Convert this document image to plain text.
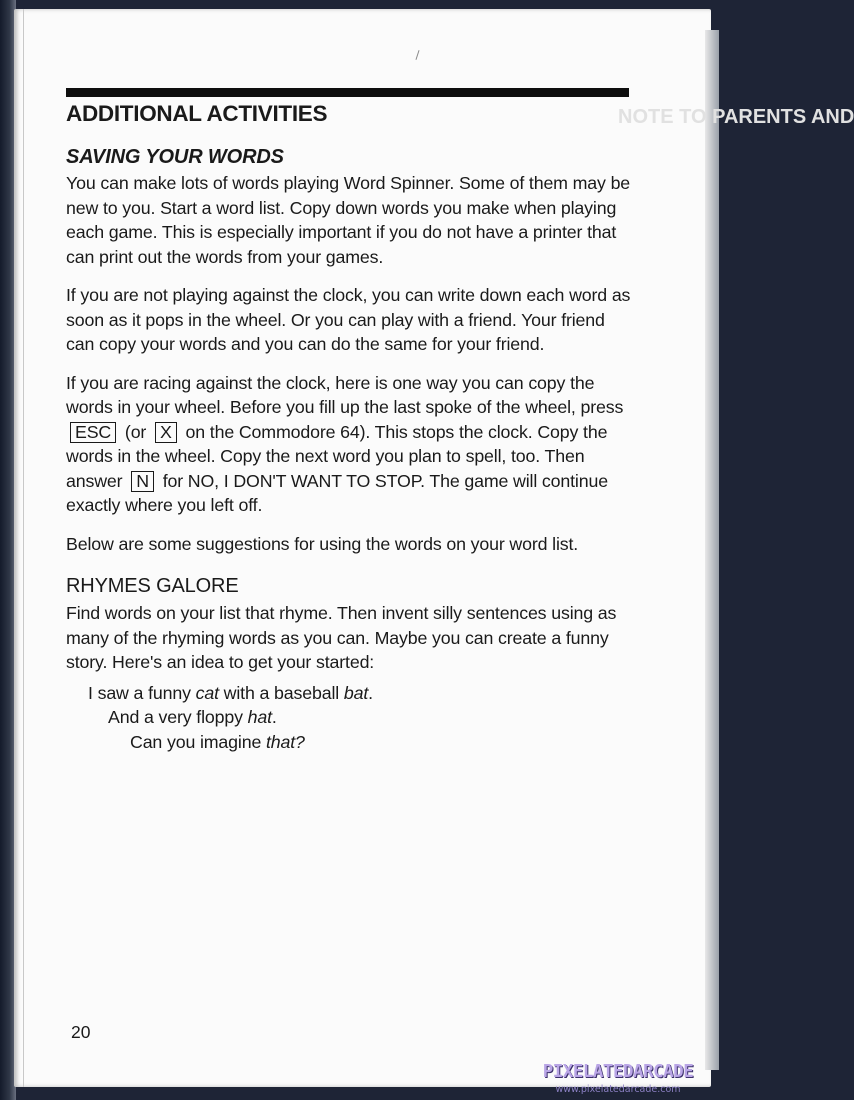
NOTE TO PARENTS AND
ADDITIONAL ACTIVITIES
SAVING YOUR WORDS

You can make lots of words playing Word Spinner. Some of them may be new to you. Start a word list. Copy down words you make when playing each game. This is especially important if you do not have a printer that can print out the words from your games.

If you are not playing against the clock, you can write down each word as soon as it pops in the wheel. Or you can play with a friend. Your friend can copy your words and you can do the same for your friend.

If you are racing against the clock, here is one way you can copy the words in your wheel. Before you fill up the last spoke of the wheel, press ESC (or X on the Commodore 64). This stops the clock. Copy the words in the wheel. Copy the next word you plan to spell, too. Then answer N for NO, I DON'T WANT TO STOP. The game will continue exactly where you left off.

Below are some suggestions for using the words on your word list.

RHYMES GALORE

Find words on your list that rhyme. Then invent silly sentences using as many of the rhyming words as you can. Maybe you can create a funny story. Here's an idea to get your started:

I saw a funny cat with a baseball bat.
And a very floppy hat.
Can you imagine that?
20
PIXELATEDARCADE
www.pixelatedarcade.com
